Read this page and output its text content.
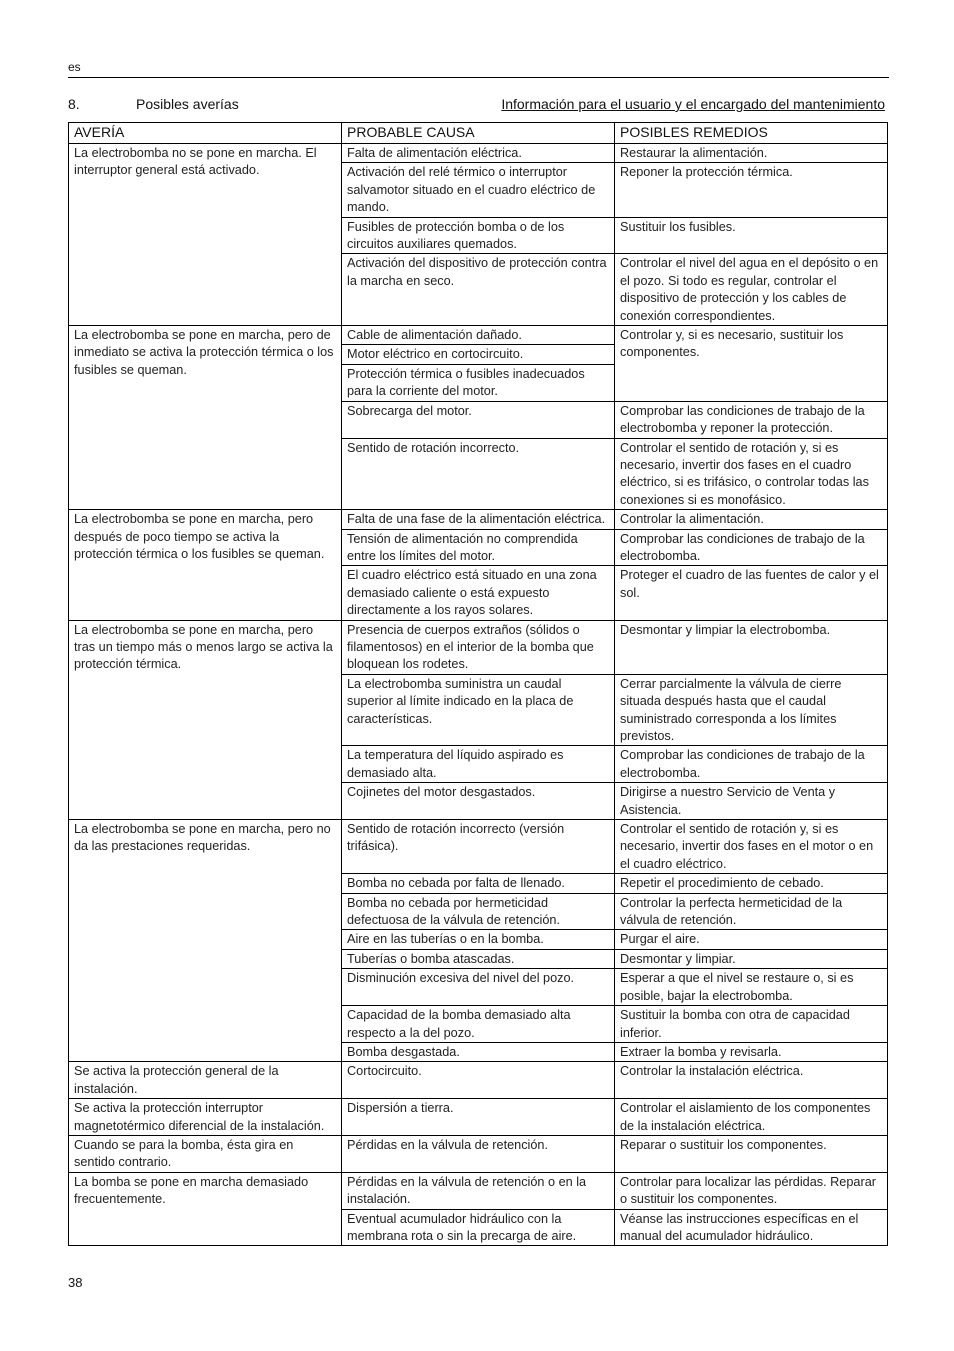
es
8.	Posibles averías	Información para el usuario y el encargado del mantenimiento
AVERÍA	PROBABLE CAUSA	POSIBLES REMEDIOS
La electrobomba no se pone en marcha. El interruptor general está activado.	Falta de alimentación eléctrica.	Restaurar la alimentación.
	Activación del relé térmico o interruptor salvamotor situado en el cuadro eléctrico de mando.	Reponer la protección térmica.
	Fusibles de protección bomba o de los circuitos auxiliares quemados.	Sustituir los fusibles.
	Activación del dispositivo de protección contra la marcha en seco.	Controlar el nivel del agua en el depósito o en el pozo. Si todo es regular, controlar el dispositivo de protección y los cables de conexión correspondientes.
La electrobomba se pone en marcha, pero de inmediato se activa la protección térmica o los fusibles se queman.	Cable de alimentación dañado.	Controlar y, si es necesario, sustituir los componentes.
	Motor eléctrico en cortocircuito.	
	Protección térmica o fusibles inadecuados para la corriente del motor.	
	Sobrecarga del motor.	Comprobar las condiciones de trabajo de la electrobomba y reponer la protección.
	Sentido de rotación incorrecto.	Controlar el sentido de rotación y, si es necesario, invertir dos fases en el cuadro eléctrico, si es trifásico, o controlar todas las conexiones si es monofásico.
La electrobomba se pone en marcha, pero después de poco tiempo se activa la protección térmica o los fusibles se queman.	Falta de una fase de la alimentación eléctrica.	Controlar la alimentación.
	Tensión de alimentación no comprendida entre los límites del motor.	Comprobar las condiciones de trabajo de la electrobomba.
	El cuadro eléctrico está situado en una zona demasiado caliente o está expuesto directamente a los rayos solares.	Proteger el cuadro de las fuentes de calor y el sol.
La electrobomba se pone en marcha, pero tras un tiempo más o menos largo se activa la protección térmica.	Presencia de cuerpos extraños (sólidos o filamentosos) en el interior de la bomba que bloquean los rodetes.	Desmontar y limpiar la electrobomba.
	La electrobomba suministra un caudal superior al límite indicado en la placa de características.	Cerrar parcialmente la válvula de cierre situada después hasta que el caudal suministrado corresponda a los límites previstos.
	La temperatura del líquido aspirado es demasiado alta.	Comprobar las condiciones de trabajo de la electrobomba.
	Cojinetes del motor desgastados.	Dirigirse a nuestro Servicio de Venta y Asistencia.
La electrobomba se pone en marcha, pero no da las prestaciones requeridas.	Sentido de rotación incorrecto (versión trifásica).	Controlar el sentido de rotación y, si es necesario, invertir dos fases en el motor o en el cuadro eléctrico.
	Bomba no cebada por falta de llenado.	Repetir el procedimiento de cebado.
	Bomba no cebada por hermeticidad defectuosa de la válvula de retención.	Controlar la perfecta hermeticidad de la válvula de retención.
	Aire en las tuberías o en la bomba.	Purgar el aire.
	Tuberías o bomba atascadas.	Desmontar y limpiar.
	Disminución excesiva del nivel del pozo.	Esperar a que el nivel se restaure o, si es posible, bajar la electrobomba.
	Capacidad de la bomba demasiado alta respecto a la del pozo.	Sustituir la bomba con otra de capacidad inferior.
	Bomba desgastada.	Extraer la bomba y revisarla.
Se activa la protección general de la instalación.	Cortocircuito.	Controlar la instalación eléctrica.
Se activa la protección interruptor magnetotérmico diferencial de la instalación.	Dispersión a tierra.	Controlar el aislamiento de los componentes de la instalación eléctrica.
Cuando se para la bomba, ésta gira en sentido contrario.	Pérdidas en la válvula de retención.	Reparar o sustituir los componentes.
La bomba se pone en marcha demasiado frecuentemente.	Pérdidas en la válvula de retención o en la instalación.	Controlar para localizar las pérdidas. Reparar o sustituir los componentes.
	Eventual acumulador hidráulico con la membrana rota o sin la precarga de aire.	Véanse las instrucciones específicas en el manual del acumulador hidráulico.
38
